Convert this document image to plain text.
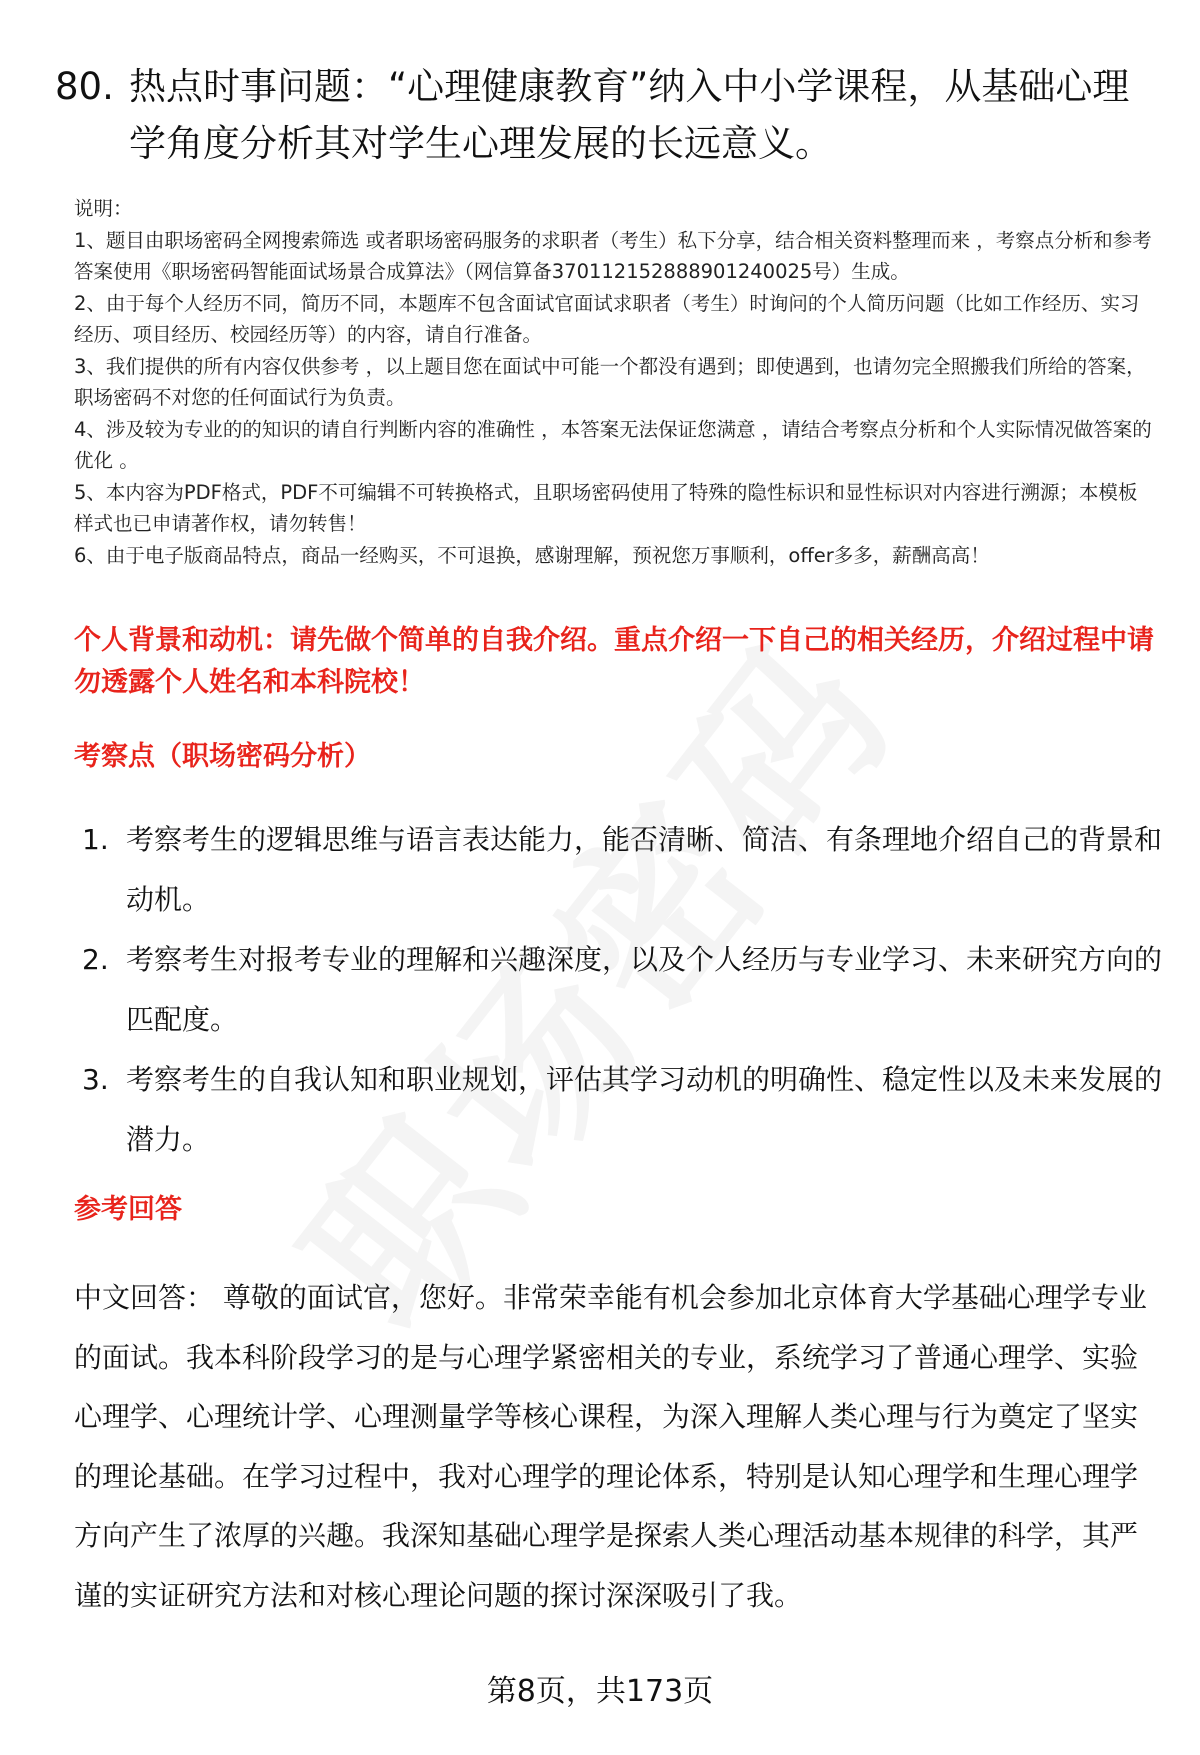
80. 热点时事问题：“心理健康教育”纳入中小学课程，从基础心理学角度分析其对学生心理发展的长远意义。

说明：

1、题目由职场密码全网搜索筛选 或者职场密码服务的求职者（考生）私下分享，结合相关资料整理而来 ，考察点分析和参考答案使用《职场密码智能面试场景合成算法》（网信算备370112152888901240025号）生成。

2、由于每个人经历不同，简历不同，本题库不包含面试官面试求职者（考生）时询问的个人简历问题（比如工作经历、实习经历、项目经历、校园经历等）的内容，请自行准备。

3、我们提供的所有内容仅供参考 ，以上题目您在面试中可能一个都没有遇到；即使遇到，也请勿完全照搬我们所给的答案，职场密码不对您的任何面试行为负责。

4、涉及较为专业的的知识的请自行判断内容的准确性 ，本答案无法保证您满意 ，请结合考察点分析和个人实际情况做答案的优化 。

5、本内容为PDF格式，PDF不可编辑不可转换格式，且职场密码使用了特殊的隐性标识和显性标识对内容进行溯源；本模板样式也已申请著作权，请勿转售！

6、由于电子版商品特点，商品一经购买，不可退换，感谢理解，预祝您万事顺利，offer多多，薪酬高高！

个人背景和动机：请先做个简单的自我介绍。重点介绍一下自己的相关经历，介绍过程中请勿透露个人姓名和本科院校！
考察点（职场密码分析）
1. 考察考生的逻辑思维与语言表达能力，能否清晰、简洁、有条理地介绍自己的背景和动机。
2. 考察考生对报考专业的理解和兴趣深度，以及个人经历与专业学习、未来研究方向的匹配度。
3. 考察考生的自我认知和职业规划，评估其学习动机的明确性、稳定性以及未来发展的潜力。
参考回答

中文回答： 尊敬的面试官，您好。非常荣幸能有机会参加北京体育大学基础心理学专业的面试。我本科阶段学习的是与心理学紧密相关的专业，系统学习了普通心理学、实验心理学、心理统计学、心理测量学等核心课程，为深入理解人类心理与行为奠定了坚实的理论基础。在学习过程中，我对心理学的理论体系，特别是认知心理学和生理心理学方向产生了浓厚的兴趣。我深知基础心理学是探索人类心理活动基本规律的科学，其严谨的实证研究方法和对核心理论问题的探讨深深吸引了我。

第8页，共173页
